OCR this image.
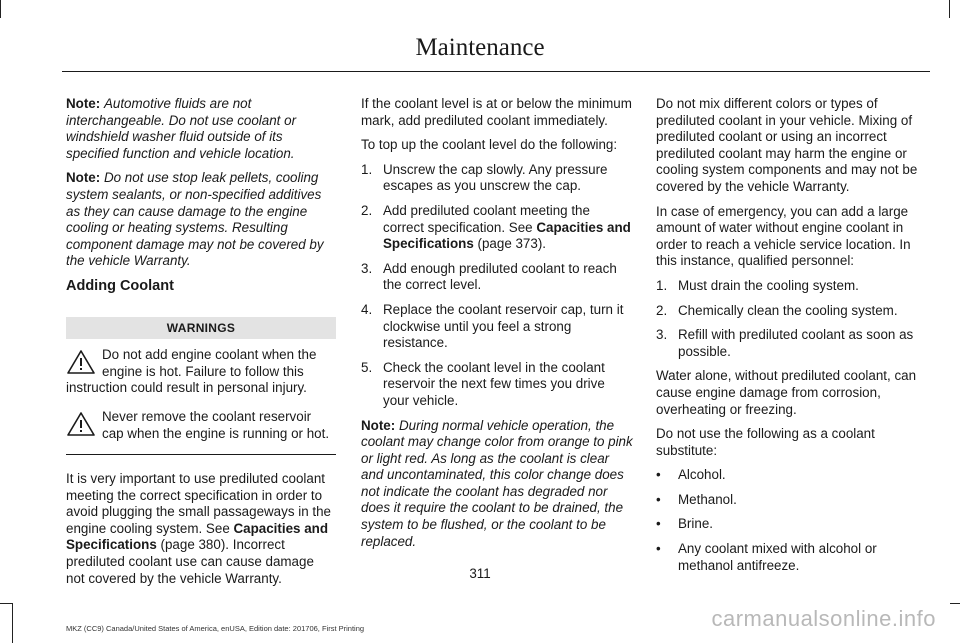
Maintenance

Note: Automotive fluids are not interchangeable. Do not use coolant or windshield washer fluid outside of its specified function and vehicle location.

Note: Do not use stop leak pellets, cooling system sealants, or non-specified additives as they can cause damage to the engine cooling or heating systems. Resulting component damage may not be covered by the vehicle Warranty.

Adding Coolant
WARNINGS
Do not add engine coolant when the engine is hot. Failure to follow this instruction could result in personal injury.
Never remove the coolant reservoir cap when the engine is running or hot.

It is very important to use prediluted coolant meeting the correct specification in order to avoid plugging the small passageways in the engine cooling system. See Capacities and Specifications (page 380). Incorrect prediluted coolant use can cause damage not covered by the vehicle Warranty.

If the coolant level is at or below the minimum mark, add prediluted coolant immediately.

To top up the coolant level do the following:

1. Unscrew the cap slowly. Any pressure escapes as you unscrew the cap.
2. Add prediluted coolant meeting the correct specification. See Capacities and Specifications (page 373).
3. Add enough prediluted coolant to reach the correct level.
4. Replace the coolant reservoir cap, turn it clockwise until you feel a strong resistance.
5. Check the coolant level in the coolant reservoir the next few times you drive your vehicle.

Note: During normal vehicle operation, the coolant may change color from orange to pink or light red. As long as the coolant is clear and uncontaminated, this color change does not indicate the coolant has degraded nor does it require the coolant to be drained, the system to be flushed, or the coolant to be replaced.

Do not mix different colors or types of prediluted coolant in your vehicle. Mixing of prediluted coolant or using an incorrect prediluted coolant may harm the engine or cooling system components and may not be covered by the vehicle Warranty.

In case of emergency, you can add a large amount of water without engine coolant in order to reach a vehicle service location. In this instance, qualified personnel:

1. Must drain the cooling system.
2. Chemically clean the cooling system.
3. Refill with prediluted coolant as soon as possible.

Water alone, without prediluted coolant, can cause engine damage from corrosion, overheating or freezing.

Do not use the following as a coolant substitute:

• Alcohol.
• Methanol.
• Brine.
• Any coolant mixed with alcohol or methanol antifreeze.
311
MKZ (CC9) Canada/United States of America, enUSA, Edition date: 201706, First Printing	carmanualsonline.info
